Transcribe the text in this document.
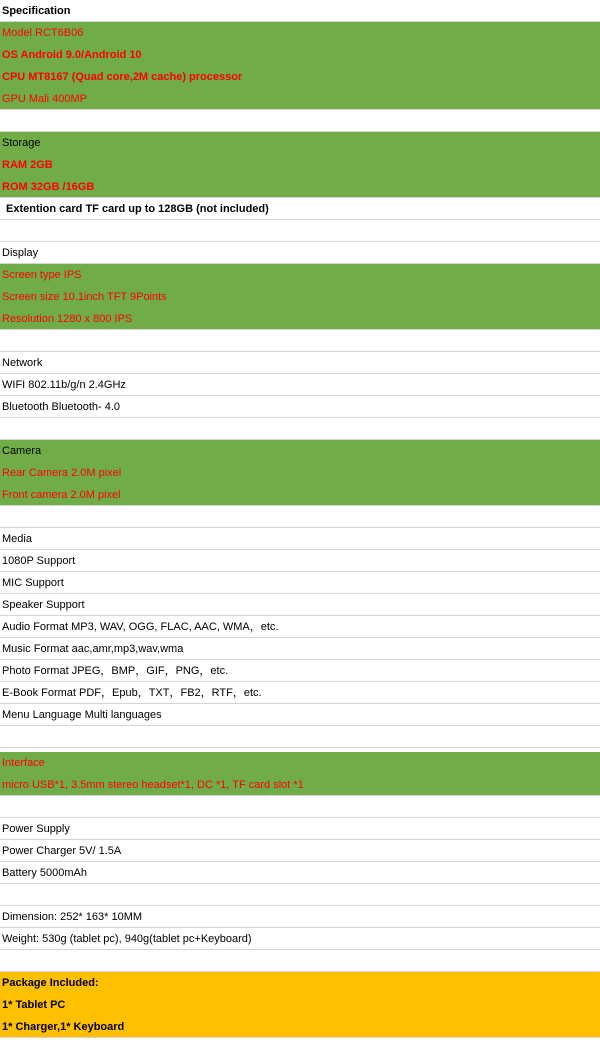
Specification
Model RCT6B06
OS Android 9.0/Android 10
CPU MT8167 (Quad core,2M cache) processor
GPU Mali 400MP
Storage
RAM 2GB
ROM 32GB /16GB
Extention card TF card up to 128GB (not included)
Display
Screen type IPS
Screen size 10.1inch TFT 9Points
Resolution 1280 x 800 IPS
Network
WIFI 802.11b/g/n 2.4GHz
Bluetooth Bluetooth- 4.0
Camera
Rear Camera 2.0M pixel
Front camera 2.0M pixel
Media
1080P Support
MIC Support
Speaker Support
Audio Format MP3, WAV, OGG, FLAC, AAC, WMA，etc.
Music Format aac,amr,mp3,wav,wma
Photo Format JPEG，BMP，GIF，PNG，etc.
E-Book Format PDF，Epub，TXT，FB2，RTF，etc.
Menu Language Multi languages
Interface
micro USB*1, 3.5mm stereo headset*1, DC *1, TF card slot *1
Power Supply
Power Charger 5V/ 1.5A
Battery 5000mAh
Dimension: 252* 163* 10MM
Weight: 530g (tablet pc), 940g(tablet pc+Keyboard)
Package Included:
1* Tablet PC
1* Charger,1* Keyboard
